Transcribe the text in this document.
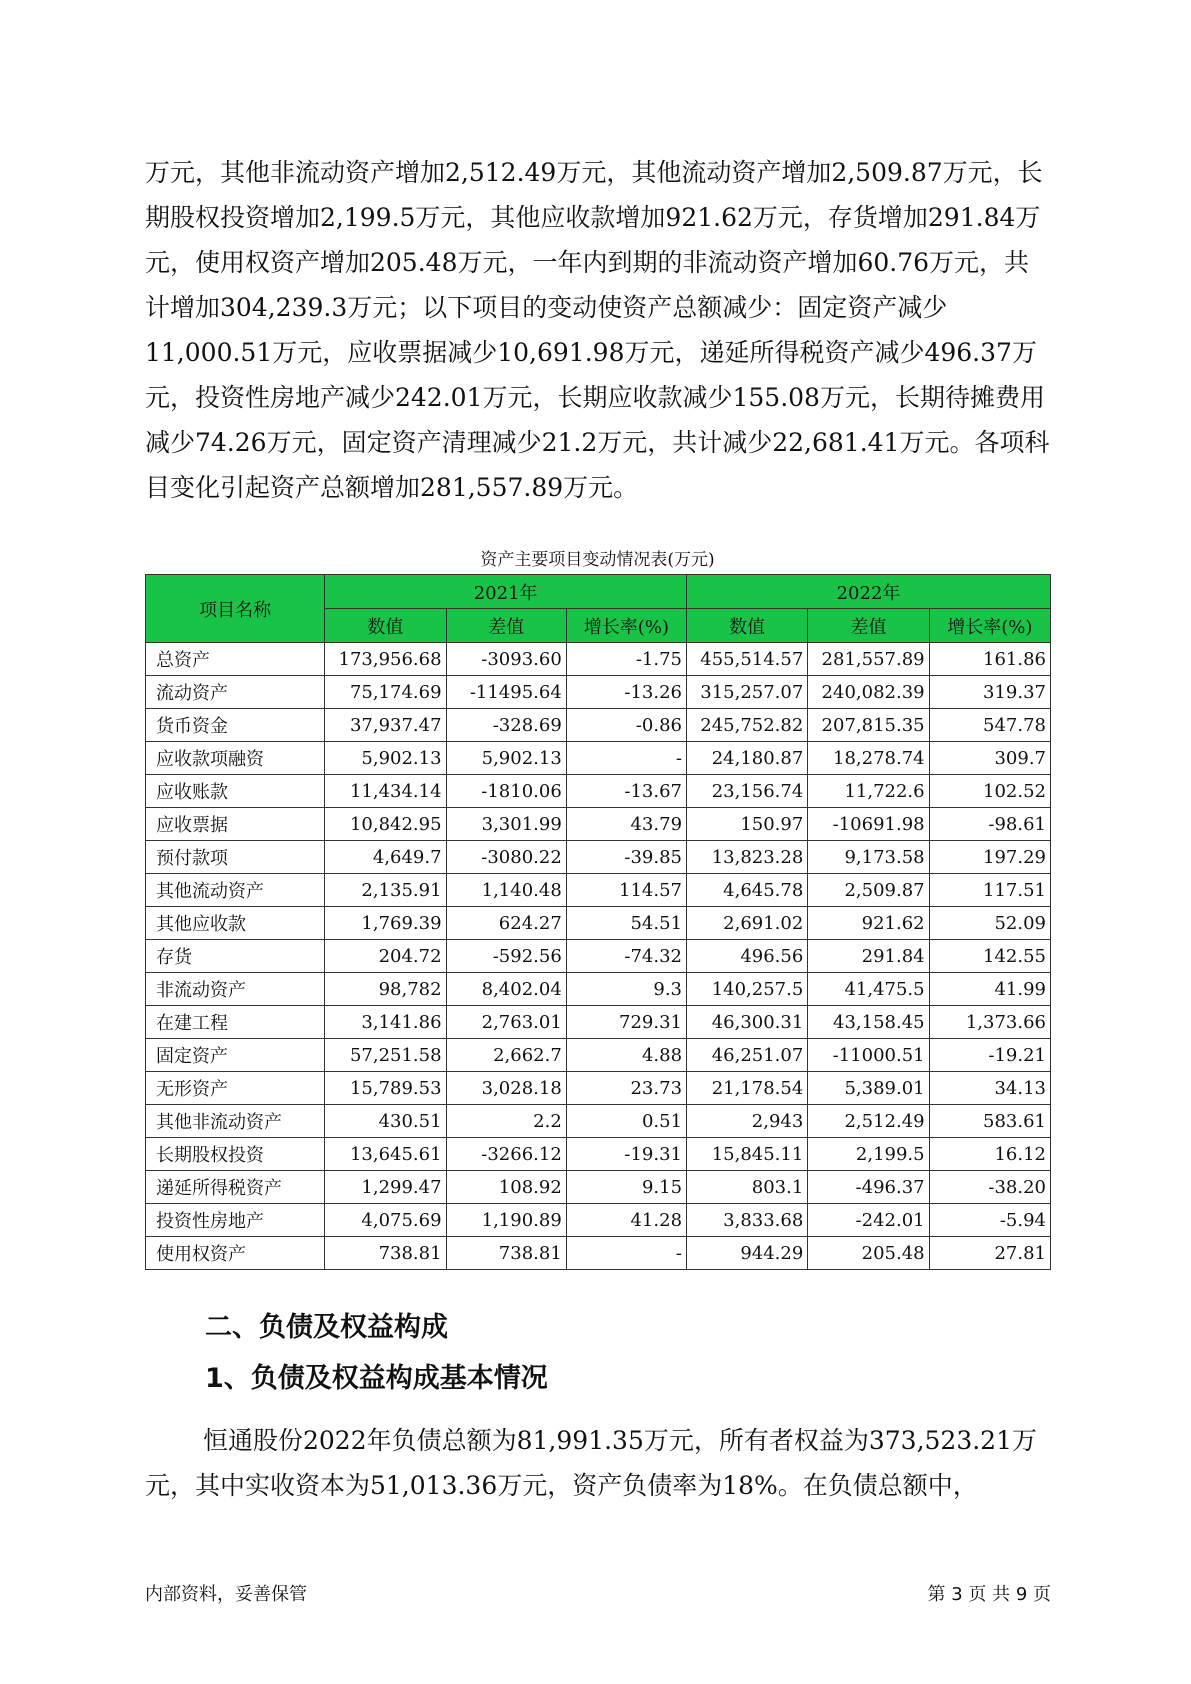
万元，其他非流动资产增加2,512.49万元，其他流动资产增加2,509.87万元，长期股权投资增加2,199.5万元，其他应收款增加921.62万元，存货增加291.84万元，使用权资产增加205.48万元，一年内到期的非流动资产增加60.76万元，共计增加304,239.3万元；以下项目的变动使资产总额减少：固定资产减少11,000.51万元，应收票据减少10,691.98万元，递延所得税资产减少496.37万元，投资性房地产减少242.01万元，长期应收款减少155.08万元，长期待摊费用减少74.26万元，固定资产清理减少21.2万元，共计减少22,681.41万元。各项科目变化引起资产总额增加281,557.89万元。

资产主要项目变动情况表(万元)

项目名称	2021年			2022年		
	数值	差值	增长率(%)	数值	差值	增长率(%)
总资产	173,956.68	-3093.60	-1.75	455,514.57	281,557.89	161.86
流动资产	75,174.69	-11495.64	-13.26	315,257.07	240,082.39	319.37
货币资金	37,937.47	-328.69	-0.86	245,752.82	207,815.35	547.78
应收款项融资	5,902.13	5,902.13	-	24,180.87	18,278.74	309.7
应收账款	11,434.14	-1810.06	-13.67	23,156.74	11,722.6	102.52
应收票据	10,842.95	3,301.99	43.79	150.97	-10691.98	-98.61
预付款项	4,649.7	-3080.22	-39.85	13,823.28	9,173.58	197.29
其他流动资产	2,135.91	1,140.48	114.57	4,645.78	2,509.87	117.51
其他应收款	1,769.39	624.27	54.51	2,691.02	921.62	52.09
存货	204.72	-592.56	-74.32	496.56	291.84	142.55
非流动资产	98,782	8,402.04	9.3	140,257.5	41,475.5	41.99
在建工程	3,141.86	2,763.01	729.31	46,300.31	43,158.45	1,373.66
固定资产	57,251.58	2,662.7	4.88	46,251.07	-11000.51	-19.21
无形资产	15,789.53	3,028.18	23.73	21,178.54	5,389.01	34.13
其他非流动资产	430.51	2.2	0.51	2,943	2,512.49	583.61
长期股权投资	13,645.61	-3266.12	-19.31	15,845.11	2,199.5	16.12
递延所得税资产	1,299.47	108.92	9.15	803.1	-496.37	-38.20
投资性房地产	4,075.69	1,190.89	41.28	3,833.68	-242.01	-5.94
使用权资产	738.81	738.81	-	944.29	205.48	27.81
二、负债及权益构成
1、负债及权益构成基本情况

恒通股份2022年负债总额为81,991.35万元，所有者权益为373,523.21万元，其中实收资本为51,013.36万元，资产负债率为18%。在负债总额中，

内部资料，妥善保管	第 3 页 共 9 页
